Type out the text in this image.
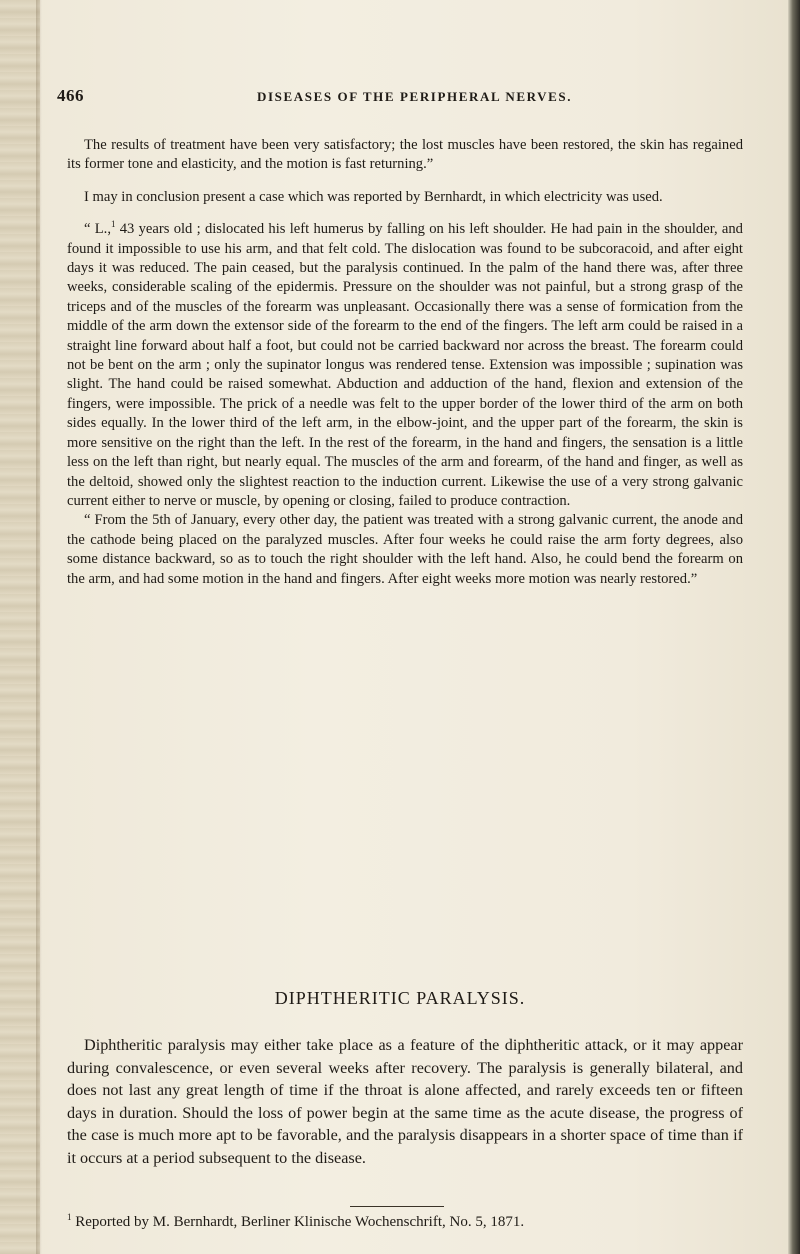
466	DISEASES OF THE PERIPHERAL NERVES.

The results of treatment have been very satisfactory; the lost muscles have been restored, the skin has regained its former tone and elasticity, and the motion is fast returning.”

I may in conclusion present a case which was reported by Bernhardt, in which electricity was used.

“ L.,$^1$ 43 years old ; dislocated his left humerus by falling on his left shoulder. He had pain in the shoulder, and found it impossible to use his arm, and that felt cold. The dislocation was found to be subcoracoid, and after eight days it was reduced. The pain ceased, but the paralysis continued. In the palm of the hand there was, after three weeks, considerable scaling of the epidermis. Pressure on the shoulder was not painful, but a strong grasp of the triceps and of the muscles of the forearm was unpleasant. Occasionally there was a sense of formication from the middle of the arm down the extensor side of the forearm to the end of the fingers. The left arm could be raised in a straight line forward about half a foot, but could not be carried backward nor across the breast. The forearm could not be bent on the arm ; only the supinator longus was rendered tense. Extension was impossible ; supination was slight. The hand could be raised somewhat. Abduction and adduction of the hand, flexion and extension of the fingers, were impossible. The prick of a needle was felt to the upper border of the lower third of the arm on both sides equally. In the lower third of the left arm, in the elbow-joint, and the upper part of the forearm, the skin is more sensitive on the right than the left. In the rest of the forearm, in the hand and fingers, the sensation is a little less on the left than right, but nearly equal. The muscles of the arm and forearm, of the hand and finger, as well as the deltoid, showed only the slightest reaction to the induction current. Likewise the use of a very strong galvanic current either to nerve or muscle, by opening or closing, failed to produce contraction.

“ From the 5th of January, every other day, the patient was treated with a strong galvanic current, the anode and the cathode being placed on the paralyzed muscles. After four weeks he could raise the arm forty degrees, also some distance backward, so as to touch the right shoulder with the left hand. Also, he could bend the forearm on the arm, and had some motion in the hand and fingers. After eight weeks more motion was nearly restored.”

DIPHTHERITIC PARALYSIS.

Diphtheritic paralysis may either take place as a feature of the diphtheritic attack, or it may appear during convalescence, or even several weeks after recovery. The paralysis is generally bilateral, and does not last any great length of time if the throat is alone affected, and rarely exceeds ten or fifteen days in duration. Should the loss of power begin at the same time as the acute disease, the progress of the case is much more apt to be favorable, and the paralysis disappears in a shorter space of time than if it occurs at a period subsequent to the disease.

$^1$ Reported by M. Bernhardt, Berliner Klinische Wochenschrift, No. 5, 1871.
